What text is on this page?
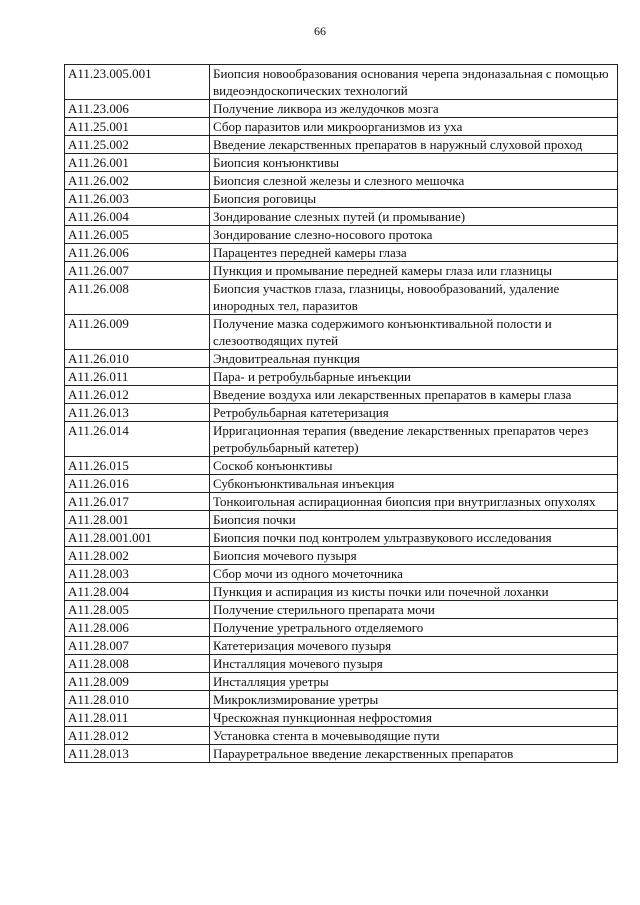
66
A11.23.005.001	Биопсия новообразования основания черепа эндоназальная с помощью видеоэндоскопических технологий
A11.23.006	Получение ликвора из желудочков мозга
A11.25.001	Сбор паразитов или микроорганизмов из уха
A11.25.002	Введение лекарственных препаратов в наружный слуховой проход
A11.26.001	Биопсия конъюнктивы
A11.26.002	Биопсия слезной железы и слезного мешочка
A11.26.003	Биопсия роговицы
A11.26.004	Зондирование слезных путей (и промывание)
A11.26.005	Зондирование слезно-носового протока
A11.26.006	Парацентез передней камеры глаза
A11.26.007	Пункция и промывание передней камеры глаза или глазницы
A11.26.008	Биопсия участков глаза, глазницы, новообразований, удаление инородных тел, паразитов
A11.26.009	Получение мазка содержимого конъюнктивальной полости и слезоотводящих путей
A11.26.010	Эндовитреальная пункция
A11.26.011	Пара- и ретробульбарные инъекции
A11.26.012	Введение воздуха или лекарственных препаратов в камеры глаза
A11.26.013	Ретробульбарная катетеризация
A11.26.014	Ирригационная терапия (введение лекарственных препаратов через ретробульбарный катетер)
A11.26.015	Соскоб конъюнктивы
A11.26.016	Субконъюнктивальная инъекция
A11.26.017	Тонкоигольная аспирационная биопсия при внутриглазных опухолях
A11.28.001	Биопсия почки
A11.28.001.001	Биопсия почки под контролем ультразвукового исследования
A11.28.002	Биопсия мочевого пузыря
A11.28.003	Сбор мочи из одного мочеточника
A11.28.004	Пункция и аспирация из кисты почки или почечной лоханки
A11.28.005	Получение стерильного препарата мочи
A11.28.006	Получение уретрального отделяемого
A11.28.007	Катетеризация мочевого пузыря
A11.28.008	Инсталляция мочевого пузыря
A11.28.009	Инсталляция уретры
A11.28.010	Микроклизмирование уретры
A11.28.011	Чрескожная пункционная нефростомия
A11.28.012	Установка стента в мочевыводящие пути
A11.28.013	Парауретральное введение лекарственных препаратов
